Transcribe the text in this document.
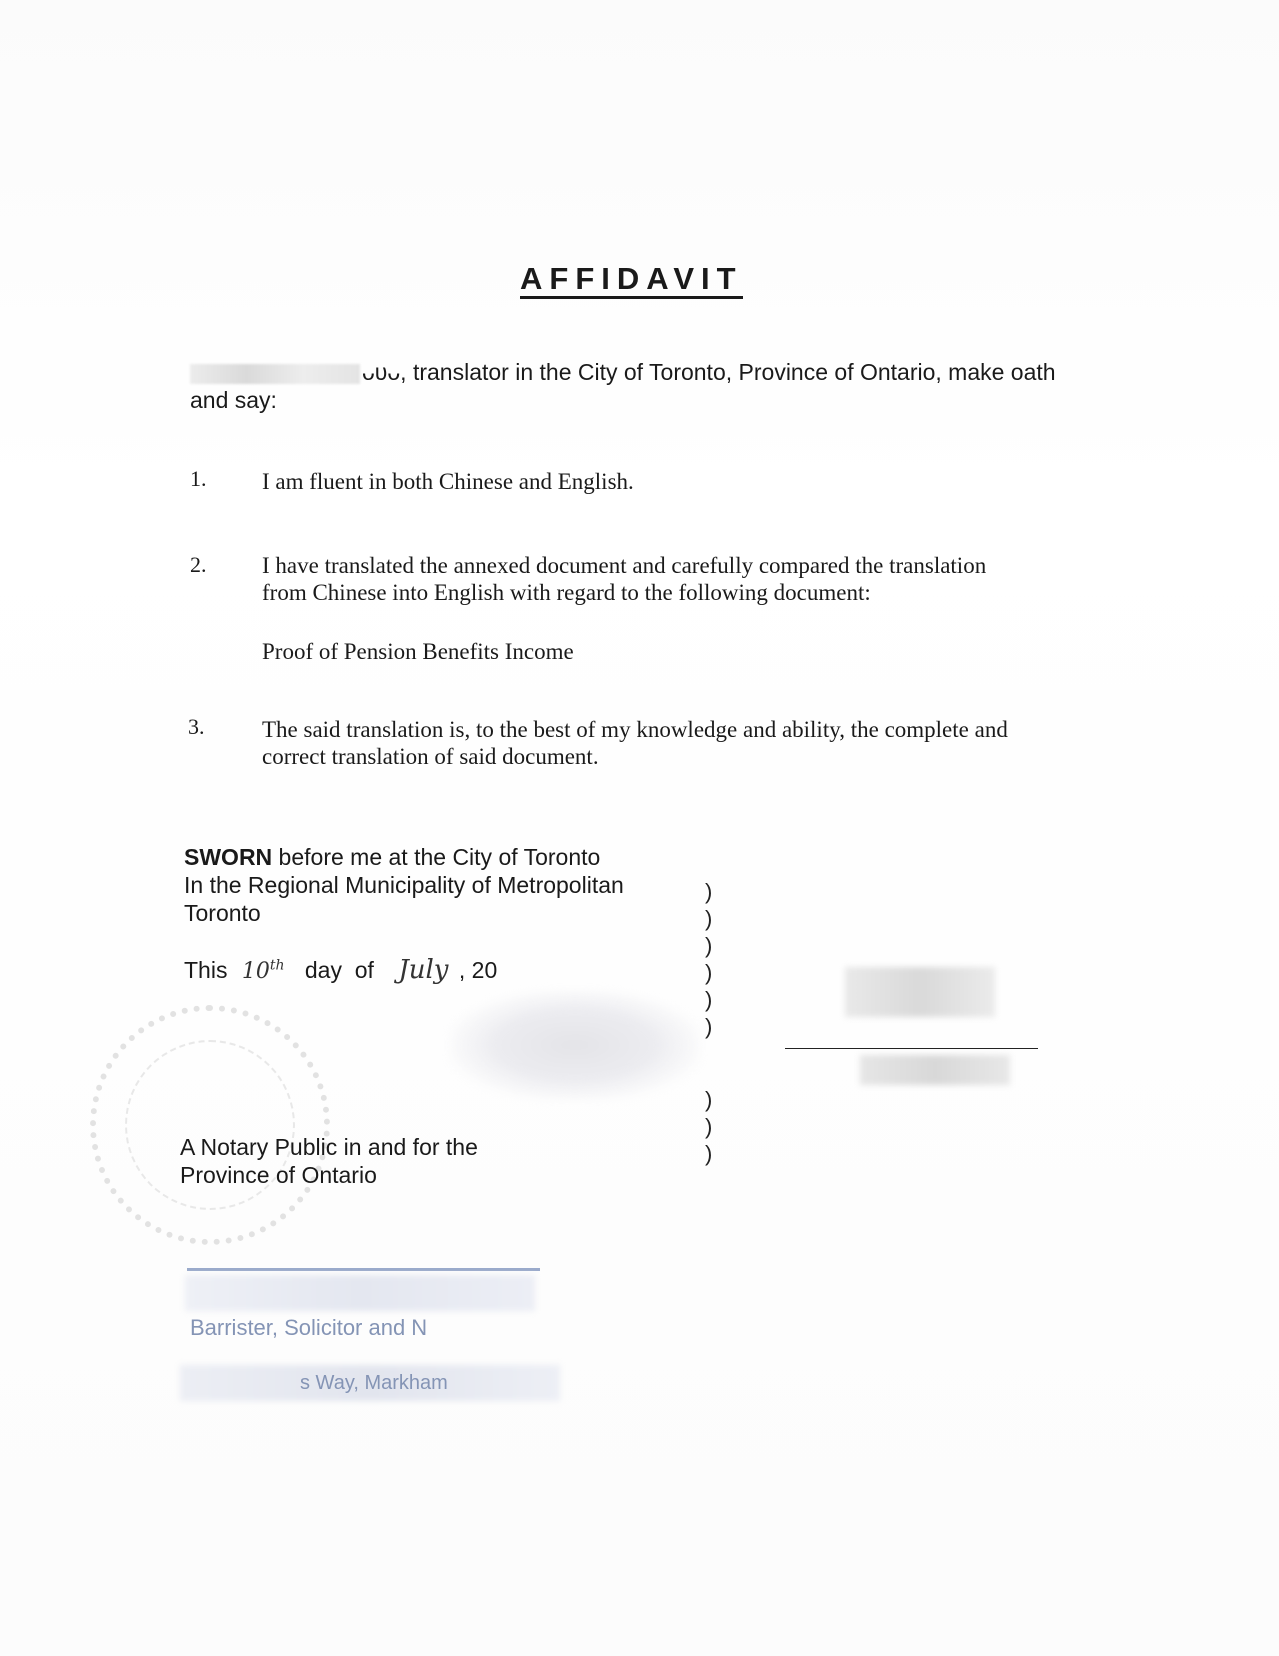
AFFIDAVIT
ᴗᴜᴗ, translator in the City of Toronto, Province of Ontario, make oath
and say:
1. I am fluent in both Chinese and English.
2. I have translated the annexed document and carefully compared the translation
from Chinese into English with regard to the following document:
Proof of Pension Benefits Income
3.	The said translation is, to the best of my knowledge and ability, the complete and
correct translation of said document.
SWORN before me at the City of Toronto
In the Regional Municipality of Metropolitan
Toronto
This 10th day  of July , 20
)
)
)
)
)
)
)
)
)
A Notary Public in and for the
Province of Ontario
Barrister, Solicitor and N
s Way, Markham
